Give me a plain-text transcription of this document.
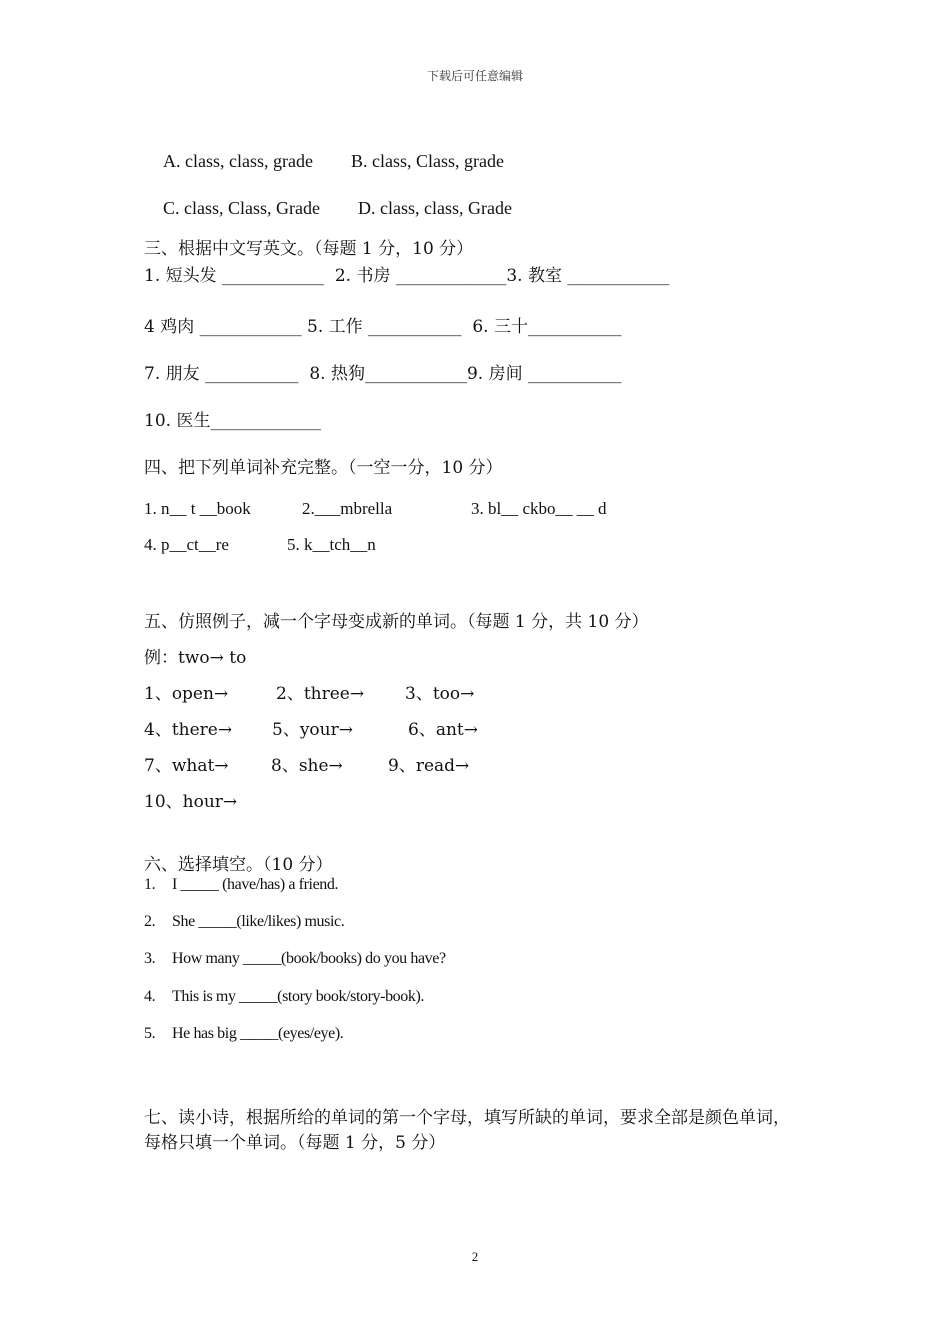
下载后可任意编辑
A. class, class, grade B. class, Class, grade
C. class, Class, Grade D. class, class, Grade
三、根据中文写英文。（每题 1 分，10 分）
1. 短头发 ____________  2. 书房 _____________3. 教室 ____________
4 鸡肉 ____________ 5. 工作 ___________  6. 三十___________
7. 朋友 ___________  8. 热狗____________9. 房间 ___________
10. 医生_____________
四、把下列单词补充完整。（一空一分，10 分）
1. n__ t __book	2.___mbrella	3. bl__ ckbo__ __ d
4. p__ct__re	5. k__tch__n
五、仿照例子，减一个字母变成新的单词。（每题 1 分，共 10 分）
例：two→ to
1、open→	2、three→ 3、too→
4、there→ 5、your→	6、ant→
7、what→ 8、she→	9、read→
10、hour→
六、选择填空。（10 分）
1. I _____ (have/has) a friend.
2. She _____(like/likes) music.
3. How many _____(book/books) do you have?
4. This is my _____(story book/story-book).
5. He has big _____(eyes/eye).
七、读小诗，根据所给的单词的第一个字母，填写所缺的单词，要求全部是颜色单词，每格只填一个单词。（每题 1 分，5 分）
2
